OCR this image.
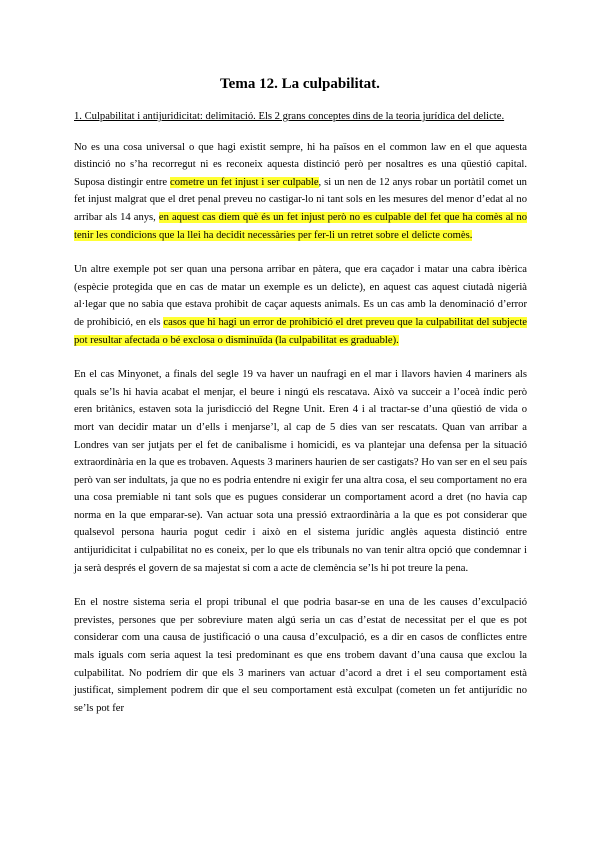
Tema 12. La culpabilitat.

1. Culpabilitat i antijuridicitat: delimitació. Els 2 grans conceptes dins de la teoria jurídica del delicte.

No es una cosa universal o que hagi existit sempre, hi ha països en el common law en el que aquesta distinció no s’ha recorregut ni es reconeix aquesta distinció però per nosaltres es una qüestió capital. Suposa distingir entre cometre un fet injust i ser culpable, si un nen de 12 anys robar un portàtil comet un fet injust malgrat que el dret penal preveu no castigar-lo ni tant sols en les mesures del menor d’edat al no arribar als 14 anys, en aquest cas diem què és un fet injust però no es culpable del fet que ha comès al no tenir les condicions que la llei ha decidit necessàries per fer-li un retret sobre el delicte comès.

Un altre exemple pot ser quan una persona arribar en pàtera, que era caçador i matar una cabra ibèrica (espècie protegida que en cas de matar un exemple es un delicte), en aquest cas aquest ciutadà nigerià al·legar que no sabia que estava prohibit de caçar aquests animals. Es un cas amb la denominació d’error de prohibició, en els casos que hi hagi un error de prohibició el dret preveu que la culpabilitat del subjecte pot resultar afectada o bé exclosa o disminuïda (la culpabilitat es graduable).

En el cas Minyonet, a finals del segle 19 va haver un naufragi en el mar i llavors havien 4 mariners als quals se’ls hi havia acabat el menjar, el beure i ningú els rescatava. Això va succeir a l’oceà índic però eren britànics, estaven sota la jurisdicció del Regne Unit. Eren 4 i al tractar-se d’una qüestió de vida o mort van decidir matar un d’ells i menjarse’l, al cap de 5 dies van ser rescatats. Quan van arribar a Londres van ser jutjats per el fet de canibalisme i homicidi, es va plantejar una defensa per la situació extraordinària en la que es trobaven. Aquests 3 mariners haurien de ser castigats? Ho van ser en el seu país però van ser indultats, ja que no es podria entendre ni exigir fer una altra cosa, el seu comportament no era una cosa premiable ni tant sols que es pugues considerar un comportament acord a dret (no havia cap norma en la que emparar-se). Van actuar sota una pressió extraordinària a la que es pot considerar que qualsevol persona hauria pogut cedir i això en el sistema jurídic anglès aquesta distinció entre antijuridicitat i culpabilitat no es coneix, per lo que els tribunals no van tenir altra opció que condemnar i ja serà després el govern de sa majestat si com a acte de clemència se’ls hi pot treure la pena.

En el nostre sistema seria el propi tribunal el que podria basar-se en una de les causes d’exculpació previstes, persones que per sobreviure maten algú seria un cas d’estat de necessitat per el que es pot considerar com una causa de justificació o una causa d’exculpació, es a dir en casos de conflictes entre mals iguals com seria aquest la tesi predominant es que ens trobem davant d’una causa que exclou la culpabilitat. No podríem dir que els 3 mariners van actuar d’acord a dret i el seu comportament està justificat, simplement podrem dir que el seu comportament està exculpat (cometen un fet antijurídic no se’ls pot fer
